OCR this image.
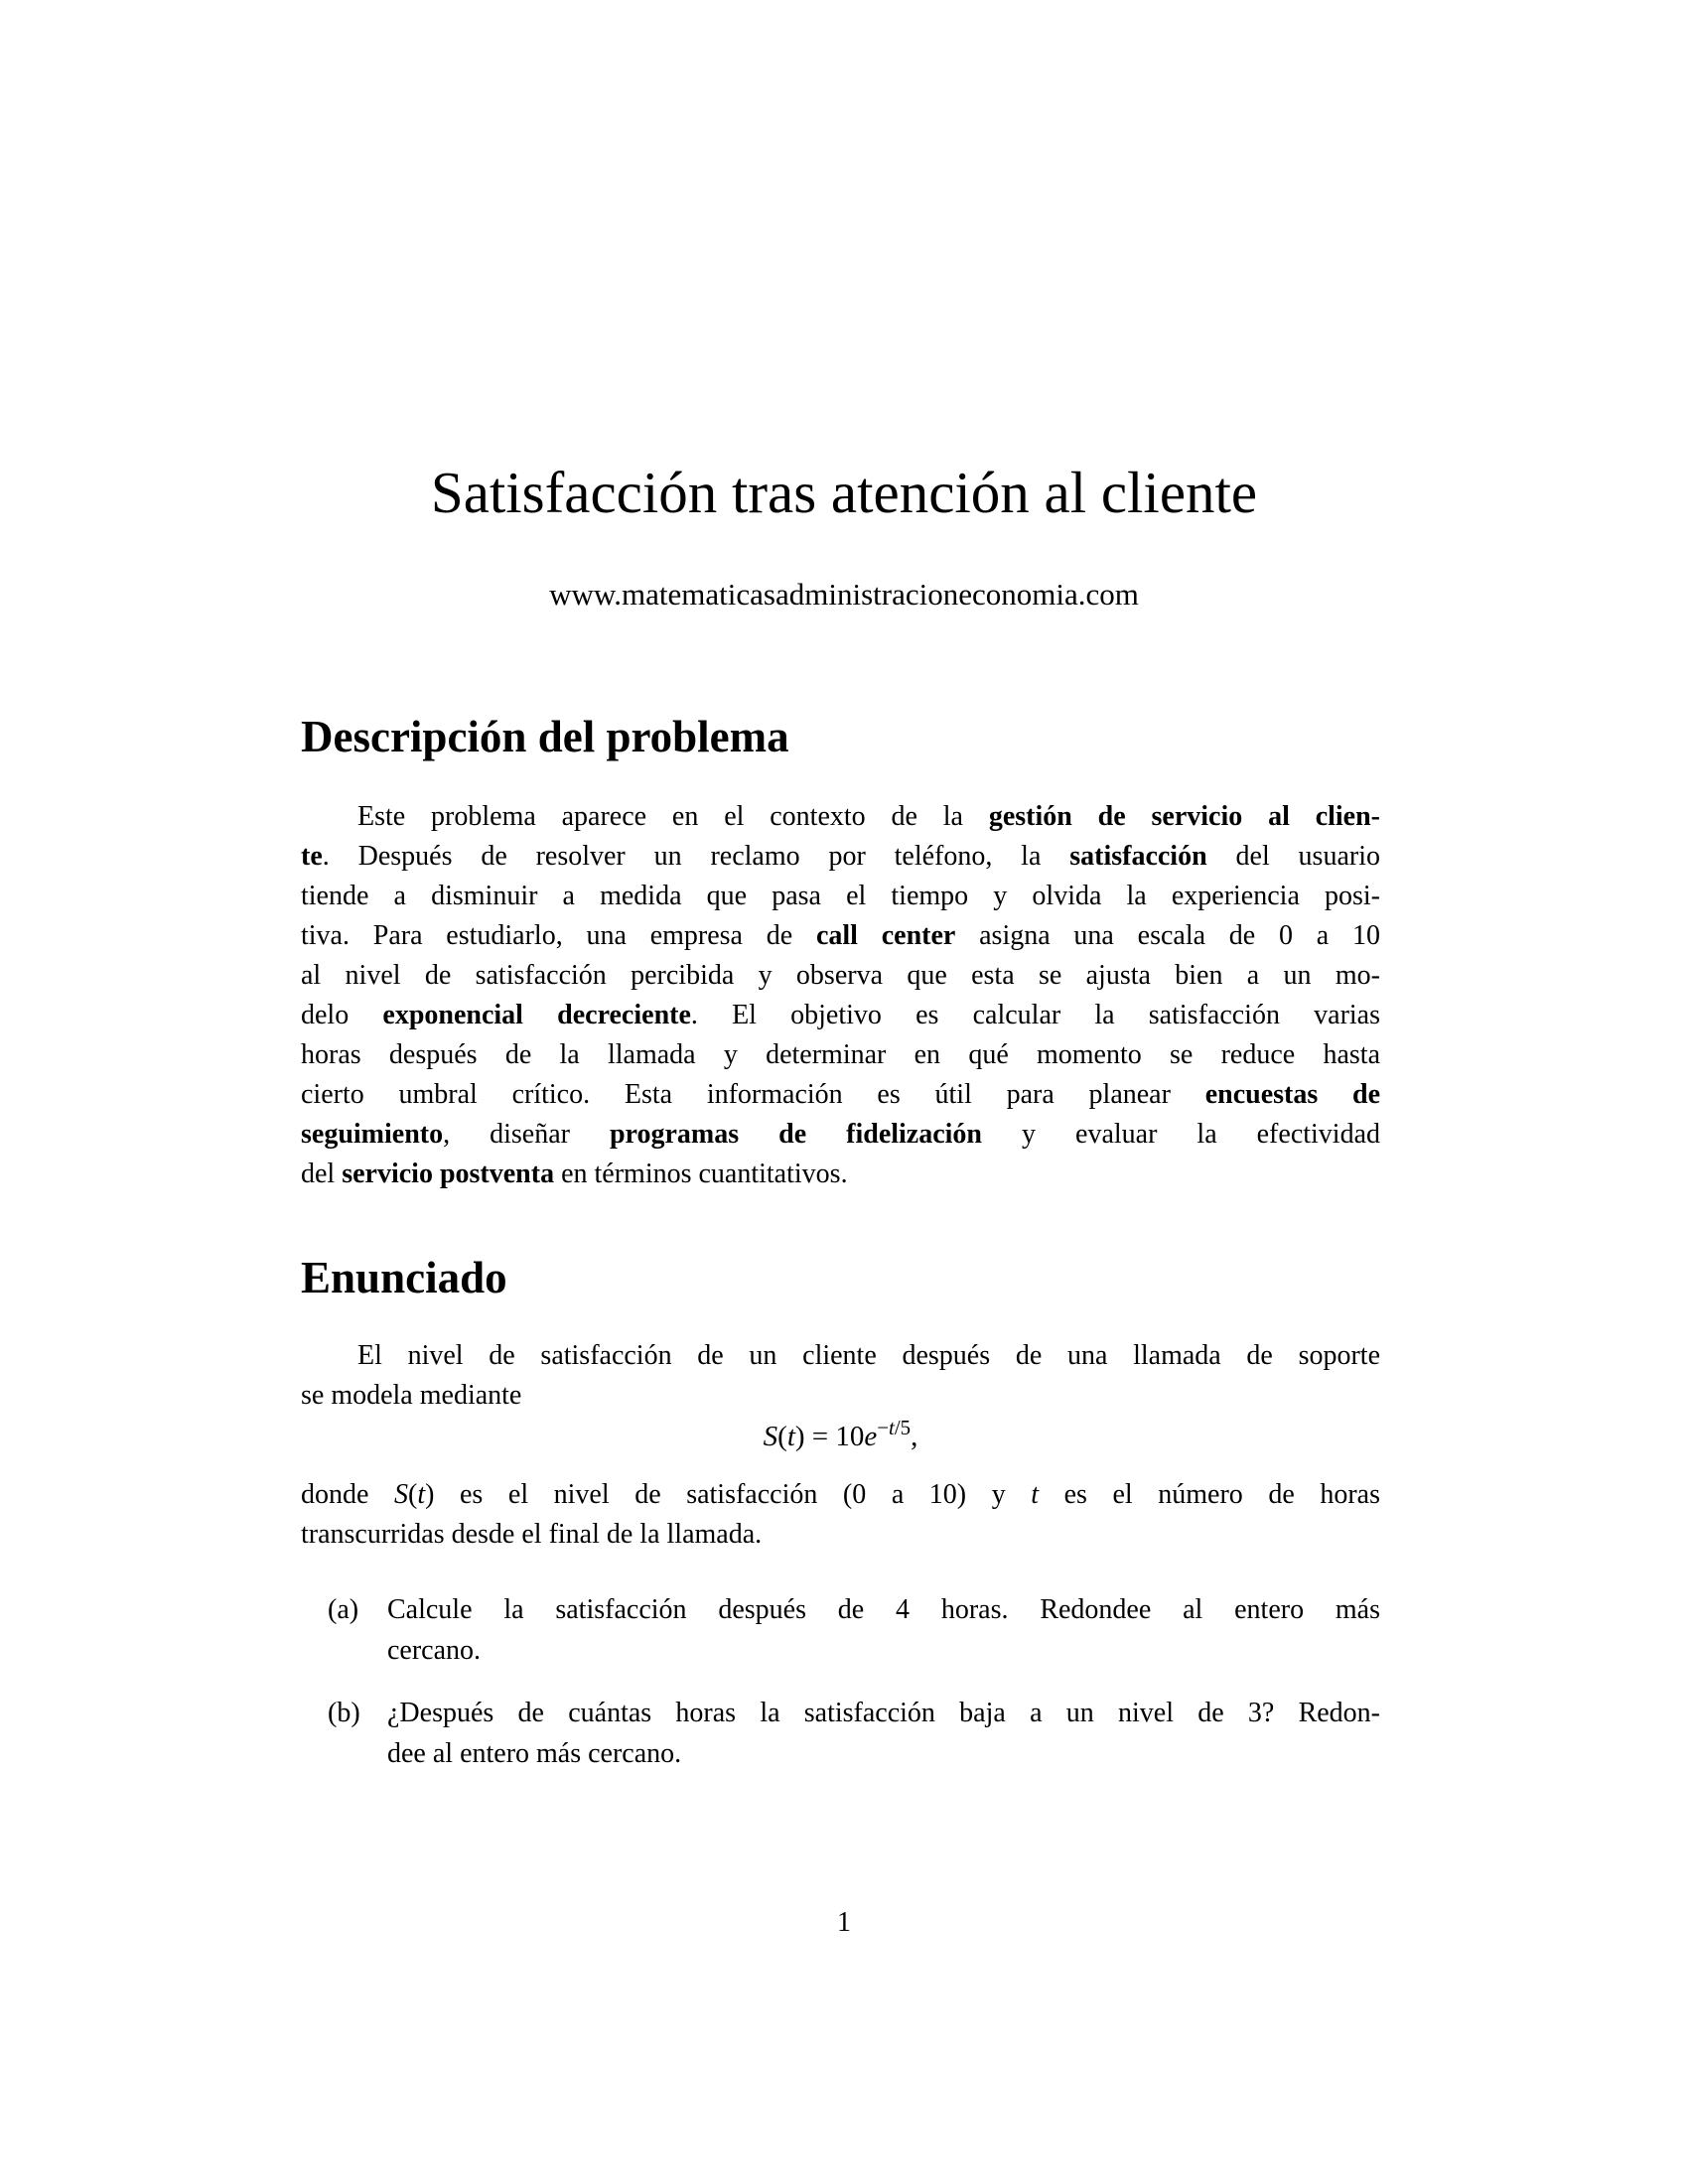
Satisfacción tras atención al cliente
www.matematicasadministracioneconomia.com
Descripción del problema
Este problema aparece en el contexto de la gestión de servicio al clien-
te. Después de resolver un reclamo por teléfono, la satisfacción del usuario
tiende a disminuir a medida que pasa el tiempo y olvida la experiencia posi-
tiva. Para estudiarlo, una empresa de call center asigna una escala de 0 a 10
al nivel de satisfacción percibida y observa que esta se ajusta bien a un mo-
delo exponencial decreciente. El objetivo es calcular la satisfacción varias
horas después de la llamada y determinar en qué momento se reduce hasta
cierto umbral crítico. Esta información es útil para planear encuestas de
seguimiento, diseñar programas de fidelización y evaluar la efectividad
del servicio postventa en términos cuantitativos.
Enunciado
El nivel de satisfacción de un cliente después de una llamada de soporte
se modela mediante
$S(t) = 10e^{-t/5}$,
donde S(t) es el nivel de satisfacción (0 a 10) y t es el número de horas
transcurridas desde el final de la llamada.
(a) Calcule la satisfacción después de 4 horas. Redondee al entero más
cercano.
(b) ¿Después de cuántas horas la satisfacción baja a un nivel de 3? Redon-
dee al entero más cercano.
1
